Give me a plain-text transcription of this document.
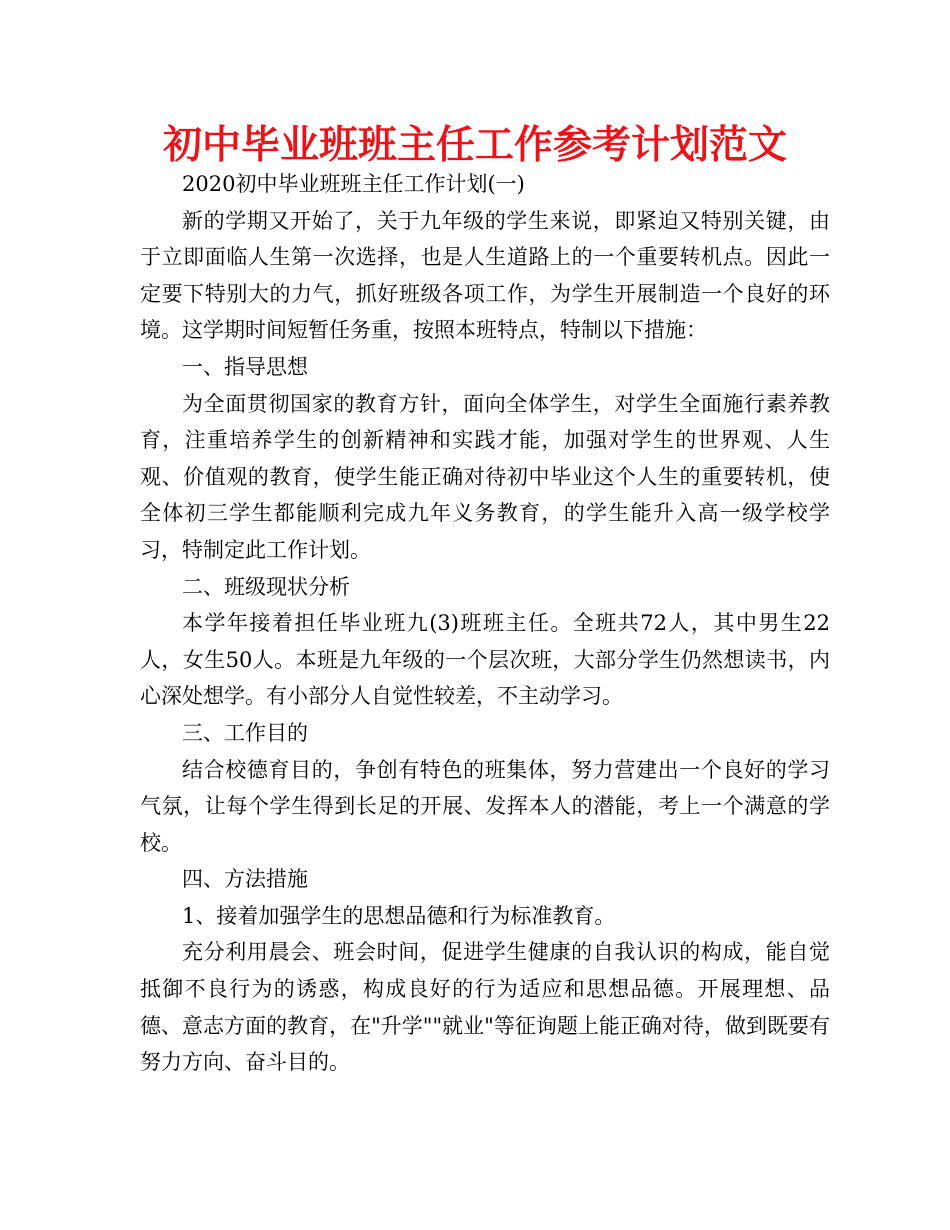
初中毕业班班主任工作参考计划范文

2020初中毕业班班主任工作计划(一)

新的学期又开始了，关于九年级的学生来说，即紧迫又特别关键，由于立即面临人生第一次选择，也是人生道路上的一个重要转机点。因此一定要下特别大的力气，抓好班级各项工作，为学生开展制造一个良好的环境。这学期时间短暂任务重，按照本班特点，特制以下措施：

一、指导思想

为全面贯彻国家的教育方针，面向全体学生，对学生全面施行素养教育，注重培养学生的创新精神和实践才能，加强对学生的世界观、人生观、价值观的教育，使学生能正确对待初中毕业这个人生的重要转机，使全体初三学生都能顺利完成九年义务教育，的学生能升入高一级学校学习，特制定此工作计划。

二、班级现状分析

本学年接着担任毕业班九(3)班班主任。全班共72人，其中男生22人，女生50人。本班是九年级的一个层次班，大部分学生仍然想读书，内心深处想学。有小部分人自觉性较差，不主动学习。

三、工作目的

结合校德育目的，争创有特色的班集体，努力营建出一个良好的学习气氛，让每个学生得到长足的开展、发挥本人的潜能，考上一个满意的学校。

四、方法措施

1、接着加强学生的思想品德和行为标准教育。

充分利用晨会、班会时间，促进学生健康的自我认识的构成，能自觉抵御不良行为的诱惑，构成良好的行为适应和思想品德。开展理想、品德、意志方面的教育，在"升学""就业"等征询题上能正确对待，做到既要有努力方向、奋斗目的。
